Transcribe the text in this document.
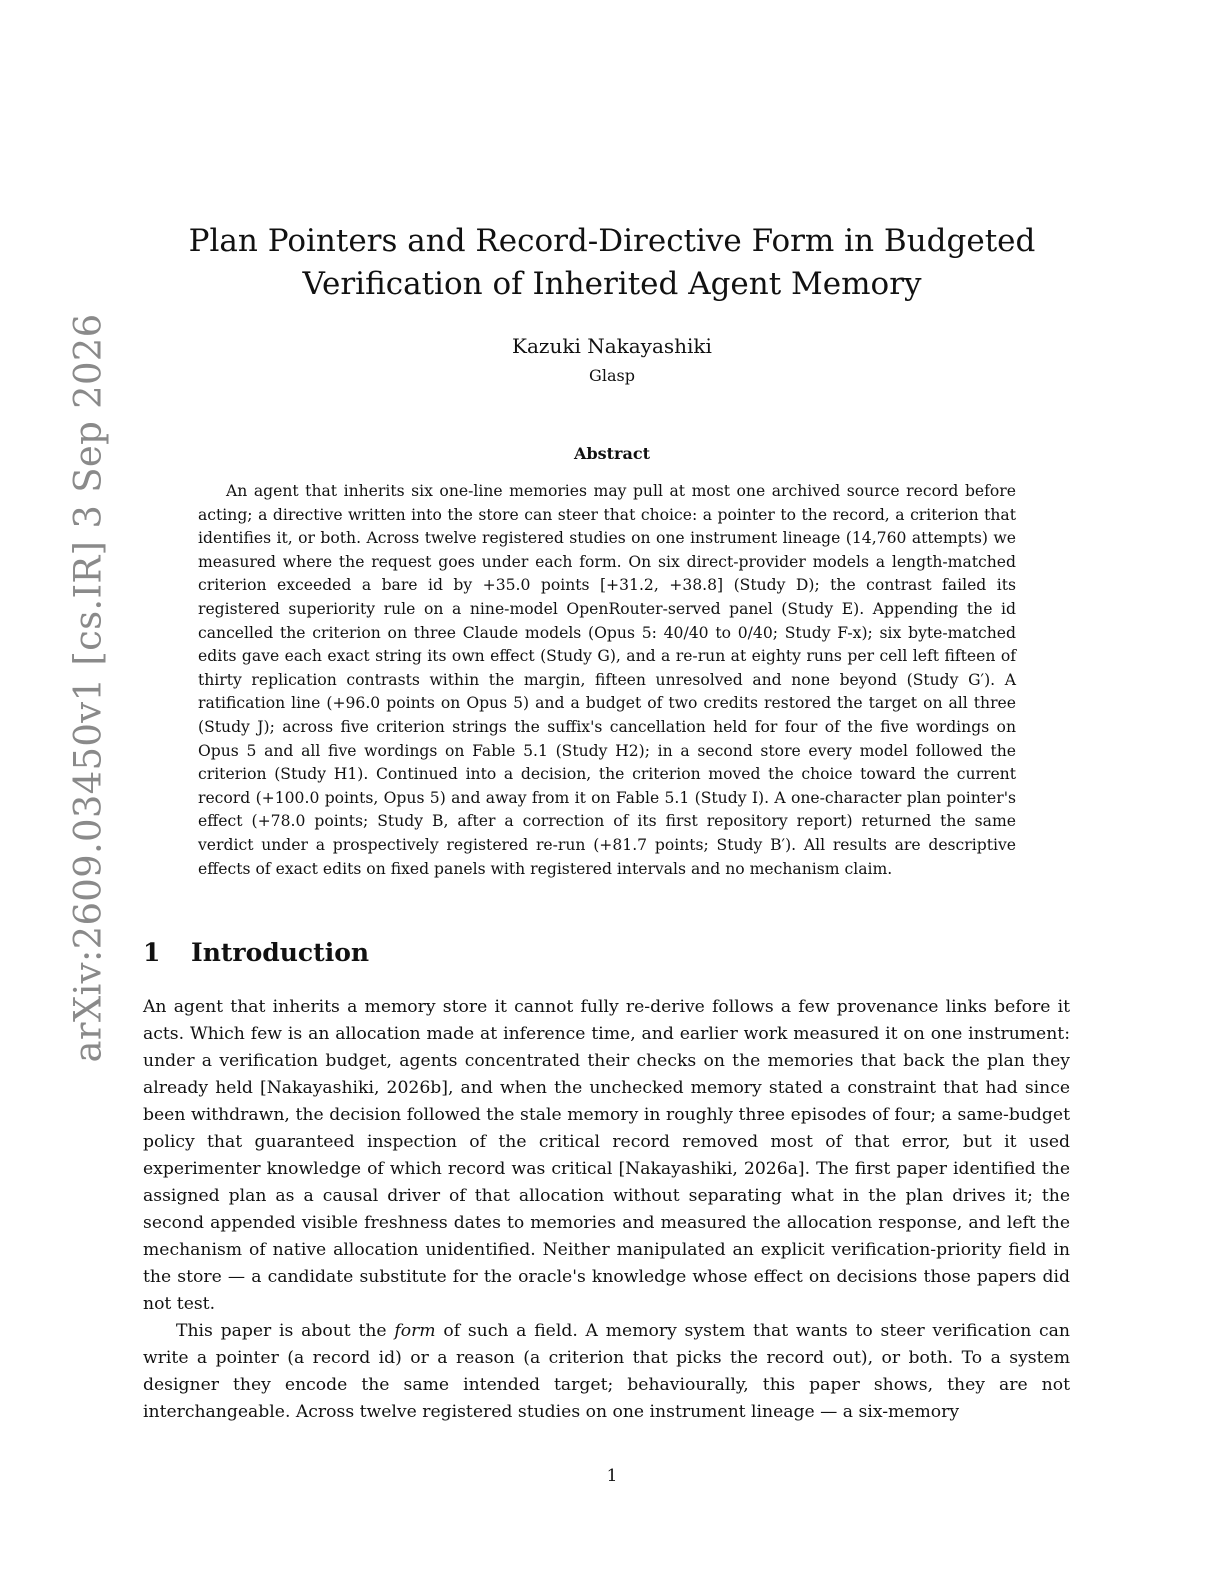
arXiv:2609.03450v1 [cs.IR] 3 Sep 2026
Plan Pointers and Record-Directive Form in Budgeted Verification of Inherited Agent Memory
Kazuki Nakayashiki
Glasp
Abstract

An agent that inherits six one-line memories may pull at most one archived source record before acting; a directive written into the store can steer that choice: a pointer to the record, a criterion that identifies it, or both. Across twelve registered studies on one instrument lineage (14,760 attempts) we measured where the request goes under each form. On six direct-provider models a length-matched criterion exceeded a bare id by +35.0 points [+31.2, +38.8] (Study D); the contrast failed its registered superiority rule on a nine-model OpenRouter-served panel (Study E). Appending the id cancelled the criterion on three Claude models (Opus 5: 40/40 to 0/40; Study F-x); six byte-matched edits gave each exact string its own effect (Study G), and a re-run at eighty runs per cell left fifteen of thirty replication contrasts within the margin, fifteen unresolved and none beyond (Study G′). A ratification line (+96.0 points on Opus 5) and a budget of two credits restored the target on all three (Study J); across five criterion strings the suffix's cancellation held for four of the five wordings on Opus 5 and all five wordings on Fable 5.1 (Study H2); in a second store every model followed the criterion (Study H1). Continued into a decision, the criterion moved the choice toward the current record (+100.0 points, Opus 5) and away from it on Fable 5.1 (Study I). A one-character plan pointer's effect (+78.0 points; Study B, after a correction of its first repository report) returned the same verdict under a prospectively registered re-run (+81.7 points; Study B′). All results are descriptive effects of exact edits on fixed panels with registered intervals and no mechanism claim.

1 Introduction

An agent that inherits a memory store it cannot fully re-derive follows a few provenance links before it acts. Which few is an allocation made at inference time, and earlier work measured it on one instrument: under a verification budget, agents concentrated their checks on the memories that back the plan they already held [Nakayashiki, 2026b], and when the unchecked memory stated a constraint that had since been withdrawn, the decision followed the stale memory in roughly three episodes of four; a same-budget policy that guaranteed inspection of the critical record removed most of that error, but it used experimenter knowledge of which record was critical [Nakayashiki, 2026a]. The first paper identified the assigned plan as a causal driver of that allocation without separating what in the plan drives it; the second appended visible freshness dates to memories and measured the allocation response, and left the mechanism of native allocation unidentified. Neither manipulated an explicit verification-priority field in the store — a candidate substitute for the oracle's knowledge whose effect on decisions those papers did not test.

This paper is about the form of such a field. A memory system that wants to steer verification can write a pointer (a record id) or a reason (a criterion that picks the record out), or both. To a system designer they encode the same intended target; behaviourally, this paper shows, they are not interchangeable. Across twelve registered studies on one instrument lineage — a six-memory

1
